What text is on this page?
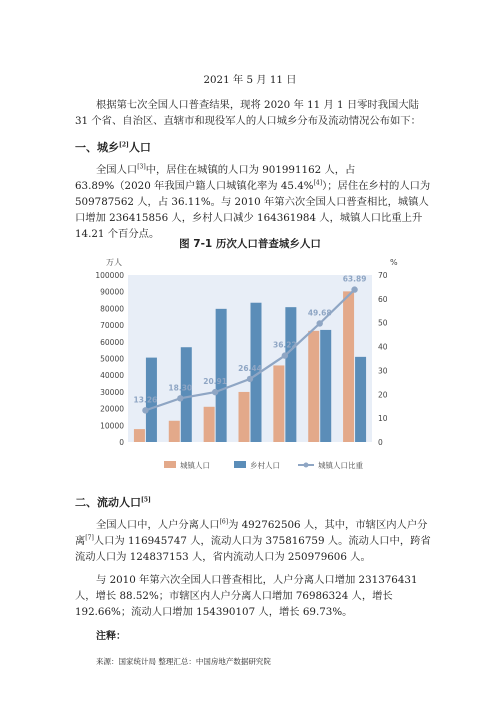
2021 年 5 月 11 日
根据第七次全国人口普查结果，现将 2020 年 11 月 1 日零时我国大陆 31 个省、自治区、直辖市和现役军人的人口城乡分布及流动情况公布如下：
一、城乡[2]人口
全国人口[3]中，居住在城镇的人口为 901991162 人，占 63.89%（2020 年我国户籍人口城镇化率为 45.4%[4]）；居住在乡村的人口为 509787562 人，占 36.11%。与 2010 年第六次全国人口普查相比，城镇人口增加 236415856 人，乡村人口减少 164361984 人，城镇人口比重上升 14.21 个百分点。
图 7-1 历次人口普查城乡人口
万人	%
0
10000
20000
30000
40000
50000
60000
70000
80000
90000
100000
0
10
20
30
40
50
60
70
13.26
18.30
20.91
26.44
36.22
49.68
63.89
城镇人口	乡村人口	城镇人口比重
二、流动人口[5]
全国人口中，人户分离人口[6]为 492762506 人，其中，市辖区内人户分离[7]人口为 116945747 人，流动人口为 375816759 人。流动人口中，跨省流动人口为 124837153 人，省内流动人口为 250979606 人。
与 2010 年第六次全国人口普查相比，人户分离人口增加 231376431 人，增长 88.52%；市辖区内人户分离人口增加 76986324 人，增长 192.66%；流动人口增加 154390107 人，增长 69.73%。
注释：
来源：国家统计局 整理汇总：中国房地产数据研究院
